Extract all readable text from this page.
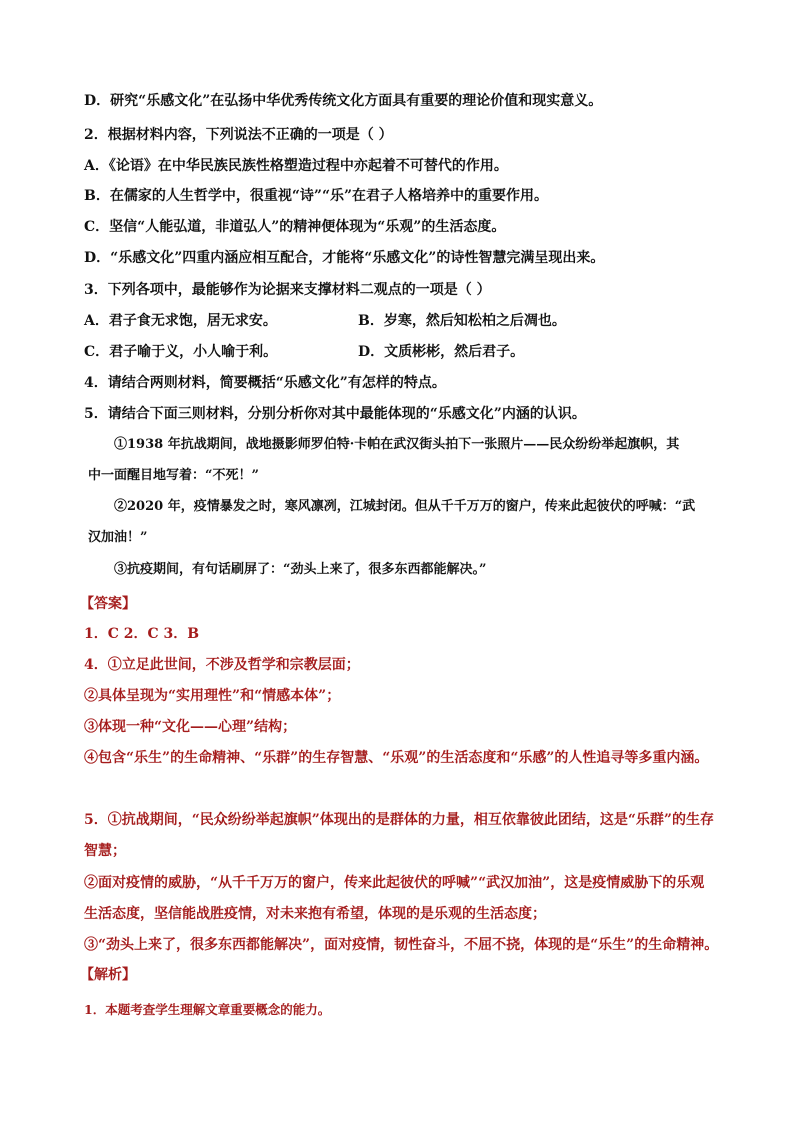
D．研究“乐感文化”在弘扬中华优秀传统文化方面具有重要的理论价值和现实意义。
2．根据材料内容，下列说法不正确的一项是（ ）
A．《论语》在中华民族民族性格塑造过程中亦起着不可替代的作用。
B．在儒家的人生哲学中，很重视“诗”“乐”在君子人格培养中的重要作用。
C．坚信“人能弘道，非道弘人”的精神便体现为“乐观”的生活态度。
D．“乐感文化”四重内涵应相互配合，才能将“乐感文化”的诗性智慧完满呈现出来。
3．下列各项中，最能够作为论据来支撑材料二观点的一项是（ ）
A．君子食无求饱，居无求安。	B．岁寒，然后知松柏之后凋也。
C．君子喻于义，小人喻于利。	D．文质彬彬，然后君子。
4．请结合两则材料，简要概括“乐感文化”有怎样的特点。
5．请结合下面三则材料，分别分析你对其中最能体现的“乐感文化”内涵的认识。
①1938 年抗战期间，战地摄影师罗伯特·卡帕在武汉街头拍下一张照片——民众纷纷举起旗帜，其
中一面醒目地写着：“不死！”
②2020 年，疫情暴发之时，寒风凛冽，江城封闭。但从千千万万的窗户，传来此起彼伏的呼喊：“武
汉加油！”
③抗疫期间，有句话刷屏了：“劲头上来了，很多东西都能解决。”
【答案】
1．C 2．C 3．B
4．①立足此世间，不涉及哲学和宗教层面；
②具体呈现为“实用理性”和“情感本体”；
③体现一种“文化——心理”结构；
④包含“乐生”的生命精神、“乐群”的生存智慧、“乐观”的生活态度和“乐感”的人性追寻等多重内涵。
5．①抗战期间，“民众纷纷举起旗帜”体现出的是群体的力量，相互依靠彼此团结，这是“乐群”的生存
智慧；
②面对疫情的威胁，“从千千万万的窗户，传来此起彼伏的呼喊”“武汉加油”，这是疫情威胁下的乐观
生活态度，坚信能战胜疫情，对未来抱有希望，体现的是乐观的生活态度；
③“劲头上来了，很多东西都能解决”，面对疫情，韧性奋斗，不屈不挠，体现的是“乐生”的生命精神。
【解析】
1．本题考查学生理解文章重要概念的能力。
